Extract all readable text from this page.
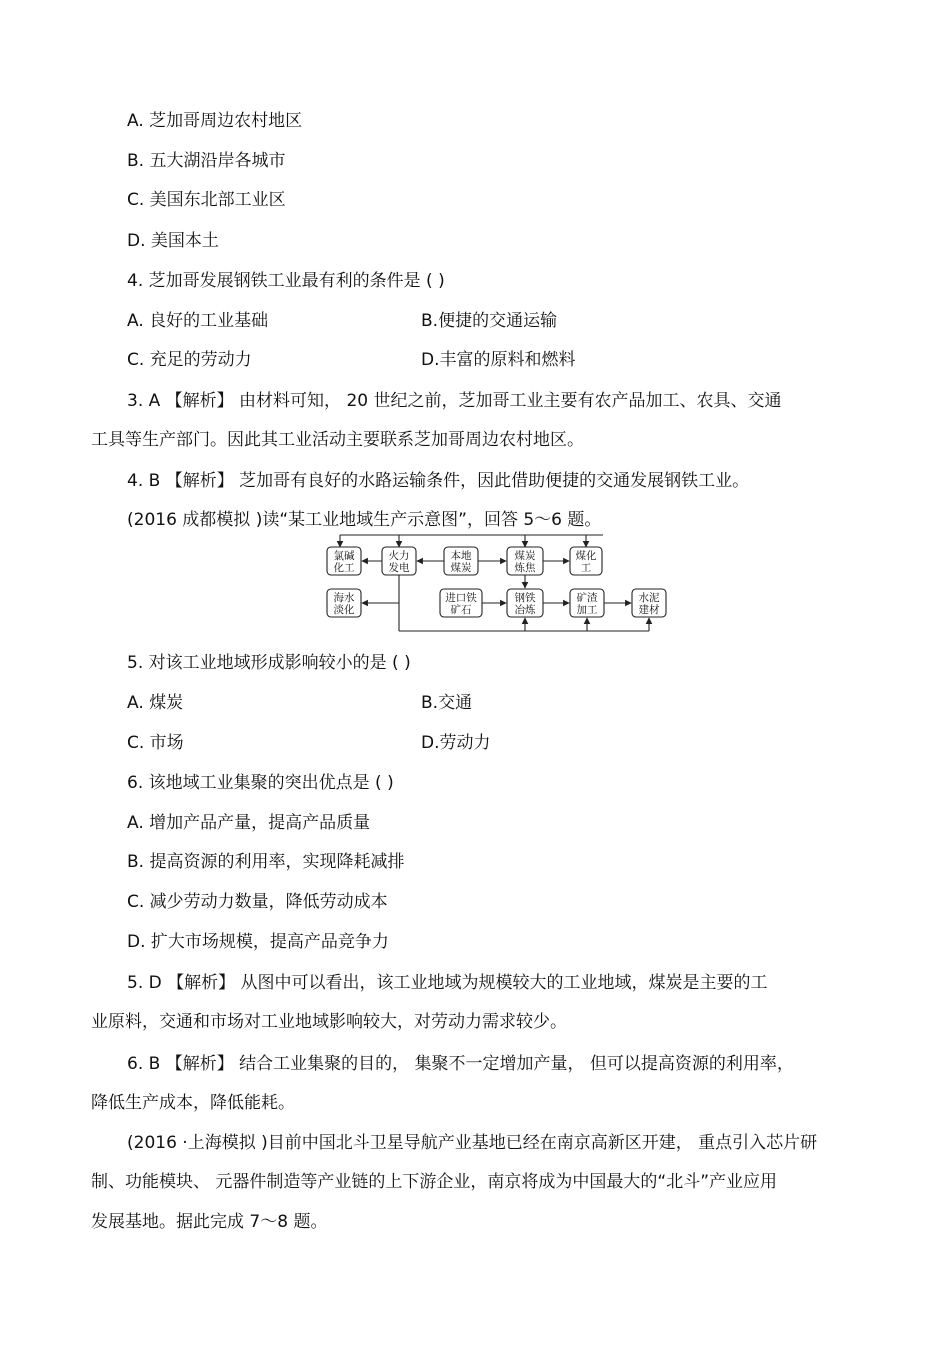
A. 芝加哥周边农村地区
B. 五大湖沿岸各城市
C. 美国东北部工业区
D. 美国本土
4. 芝加哥发展钢铁工业最有利的条件是 ( )
A. 良好的工业基础	B.便捷的交通运输
C. 充足的劳动力	D.丰富的原料和燃料
3. A 【解析】 由材料可知， 20 世纪之前，芝加哥工业主要有农产品加工、农具、交通
工具等生产部门。因此其工业活动主要联系芝加哥周边农村地区。
4. B 【解析】 芝加哥有良好的水路运输条件，因此借助便捷的交通发展钢铁工业。
(2016 成都模拟 )读“某工业地域生产示意图”，回答 5～6 题。
氯碱
化工
火力
发电
本地
煤炭
煤炭
炼焦
煤化
工
海水
淡化
进口铁
矿石
钢铁
冶炼
矿渣
加工
水泥
建材
5. 对该工业地域形成影响较小的是 ( )
A. 煤炭	B.交通
C. 市场	D.劳动力
6. 该地域工业集聚的突出优点是 ( )
A. 增加产品产量，提高产品质量
B. 提高资源的利用率，实现降耗减排
C. 减少劳动力数量，降低劳动成本
D. 扩大市场规模，提高产品竞争力
5. D 【解析】 从图中可以看出，该工业地域为规模较大的工业地域，煤炭是主要的工
业原料，交通和市场对工业地域影响较大，对劳动力需求较少。
6. B 【解析】 结合工业集聚的目的， 集聚不一定增加产量， 但可以提高资源的利用率，
降低生产成本，降低能耗。
(2016 ·上海模拟 )目前中国北斗卫星导航产业基地已经在南京高新区开建， 重点引入芯片研
制、功能模块、 元器件制造等产业链的上下游企业，南京将成为中国最大的“北斗”产业应用
发展基地。据此完成 7～8 题。
